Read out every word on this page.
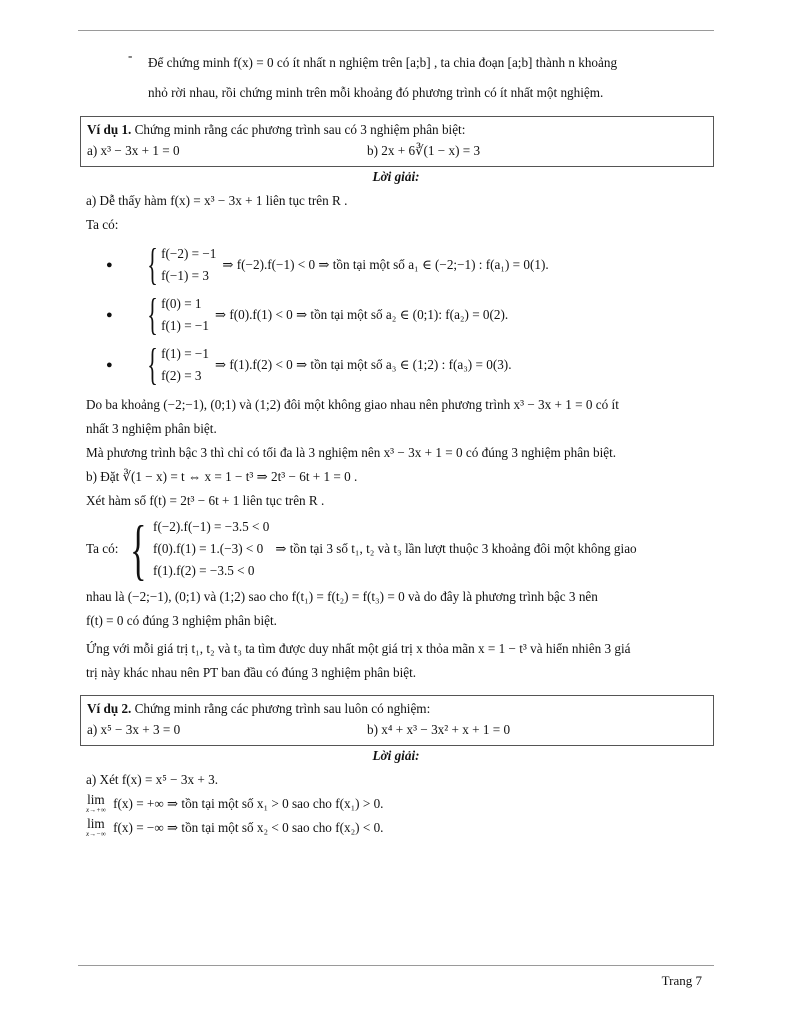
- Để chứng minh f(x) = 0 có ít nhất n nghiệm trên [a;b] , ta chia đoạn [a;b] thành n khoảng

nhỏ rời nhau, rồi chứng minh trên mỗi khoảng đó phương trình có ít nhất một nghiệm.

Ví dụ 1. Chứng minh rằng các phương trình sau có 3 nghiệm phân biệt:
a) x³ − 3x + 1 = 0	b) 2x + 6∛(1 − x) = 3
Lời giải:

a) Dễ thấy hàm f(x) = x³ − 3x + 1 liên tục trên R .

Ta có:

● { f(−2) = −1
f(−1) = 3
⇒ f(−2).f(−1) < 0 ⇒ tồn tại một số a₁ ∈ (−2;−1) : f(a₁) = 0(1).
● { f(0) = 1
f(1) = −1
⇒ f(0).f(1) < 0 ⇒ tồn tại một số a₂ ∈ (0;1): f(a₂) = 0(2).
● { f(1) = −1
f(2) = 3
⇒ f(1).f(2) < 0 ⇒ tồn tại một số a₃ ∈ (1;2) : f(a₃) = 0(3).

Do ba khoảng (−2;−1), (0;1) và (1;2) đôi một không giao nhau nên phương trình x³ − 3x + 1 = 0 có ít

nhất 3 nghiệm phân biệt.

Mà phương trình bậc 3 thì chỉ có tối đa là 3 nghiệm nên x³ − 3x + 1 = 0 có đúng 3 nghiệm phân biệt.

b) Đặt ∛(1 − x) = t ⇔ x = 1 − t³ ⇒ 2t³ − 6t + 1 = 0 .

Xét hàm số f(t) = 2t³ − 6t + 1 liên tục trên R .

Ta có: { f(−2).f(−1) = −3.5 < 0
f(0).f(1) = 1.(−3) < 0
f(1).f(2) = −3.5 < 0
⇒ tồn tại 3 số t₁, t₂ và t₃ lần lượt thuộc 3 khoảng đôi một không giao

nhau là (−2;−1), (0;1) và (1;2) sao cho f(t₁) = f(t₂) = f(t₃) = 0 và do đây là phương trình bậc 3 nên

f(t) = 0 có đúng 3 nghiệm phân biệt.

Ứng với mỗi giá trị t₁, t₂ và t₃ ta tìm được duy nhất một giá trị x thỏa mãn x = 1 − t³ và hiển nhiên 3 giá

trị này khác nhau nên PT ban đầu có đúng 3 nghiệm phân biệt.

Ví dụ 2. Chứng minh rằng các phương trình sau luôn có nghiệm:
a) x⁵ − 3x + 3 = 0	b) x⁴ + x³ − 3x² + x + 1 = 0
Lời giải:

a) Xét f(x) = x⁵ − 3x + 3.

lim
x→+∞ f(x) = +∞ ⇒ tồn tại một số x₁ > 0 sao cho f(x₁) > 0.

lim
x→−∞ f(x) = −∞ ⇒ tồn tại một số x₂ < 0 sao cho f(x₂) < 0.

Trang 7
